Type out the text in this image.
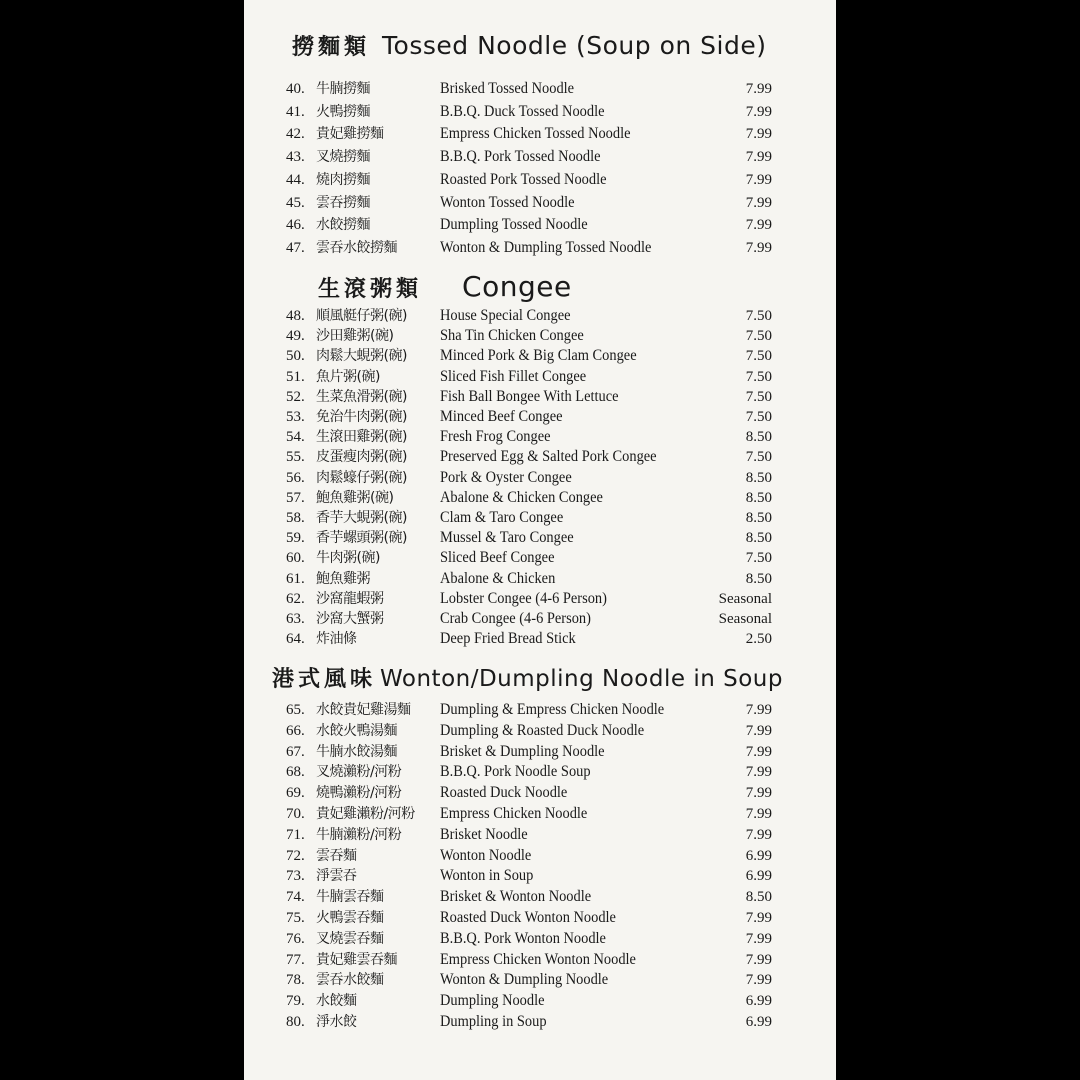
撈麵類 Tossed Noodle (Soup on Side)
40. 牛腩撈麵	Brisked Tossed Noodle	7.99
41. 火鴨撈麵	B.B.Q. Duck Tossed Noodle	7.99
42. 貴妃雞撈麵	Empress Chicken Tossed Noodle	7.99
43. 叉燒撈麵	B.B.Q. Pork Tossed Noodle	7.99
44. 燒肉撈麵	Roasted Pork Tossed Noodle	7.99
45. 雲吞撈麵	Wonton Tossed Noodle	7.99
46. 水餃撈麵	Dumpling Tossed Noodle	7.99
47. 雲吞水餃撈麵	Wonton & Dumpling Tossed Noodle	7.99
生滾粥類 Congee
48. 順風艇仔粥(碗) House Special Congee	7.50
49. 沙田雞粥(碗)	Sha Tin Chicken Congee	7.50
50. 肉鬆大蜆粥(碗) Minced Pork & Big Clam Congee	7.50
51. 魚片粥(碗)	Sliced Fish Fillet Congee	7.50
52. 生菜魚滑粥(碗) Fish Ball Bongee With Lettuce	7.50
53. 免治牛肉粥(碗) Minced Beef Congee	7.50
54. 生滾田雞粥(碗) Fresh Frog Congee	8.50
55. 皮蛋瘦肉粥(碗) Preserved Egg & Salted Pork Congee	7.50
56. 肉鬆蠔仔粥(碗) Pork & Oyster Congee	8.50
57. 鮑魚雞粥(碗)	Abalone & Chicken Congee	8.50
58. 香芋大蜆粥(碗) Clam & Taro Congee	8.50
59. 香芋螺頭粥(碗) Mussel & Taro Congee	8.50
60. 牛肉粥(碗)	Sliced Beef Congee	7.50
61. 鮑魚雞粥	Abalone & Chicken	8.50
62. 沙窩龍蝦粥	Lobster Congee (4-6 Person)	Seasonal
63. 沙窩大蟹粥	Crab Congee (4-6 Person)	Seasonal
64. 炸油條	Deep Fried Bread Stick	2.50
港式風味 Wonton/Dumpling Noodle in Soup
65. 水餃貴妃雞湯麵 Dumpling & Empress Chicken Noodle	7.99
66. 水餃火鴨湯麵	Dumpling & Roasted Duck Noodle	7.99
67. 牛腩水餃湯麵	Brisket & Dumpling Noodle	7.99
68. 叉燒瀨粉/河粉	B.B.Q. Pork Noodle Soup	7.99
69. 燒鴨瀨粉/河粉	Roasted Duck Noodle	7.99
70. 貴妃雞瀨粉/河粉 Empress Chicken Noodle	7.99
71. 牛腩瀨粉/河粉	Brisket Noodle	7.99
72. 雲吞麵	Wonton Noodle	6.99
73. 淨雲吞	Wonton in Soup	6.99
74. 牛腩雲吞麵	Brisket & Wonton Noodle	8.50
75. 火鴨雲吞麵	Roasted Duck Wonton Noodle	7.99
76. 叉燒雲吞麵	B.B.Q. Pork Wonton Noodle	7.99
77. 貴妃雞雲吞麵	Empress Chicken Wonton Noodle	7.99
78. 雲吞水餃麵	Wonton & Dumpling Noodle	7.99
79. 水餃麵	Dumpling Noodle	6.99
80. 淨水餃	Dumpling in Soup	6.99
